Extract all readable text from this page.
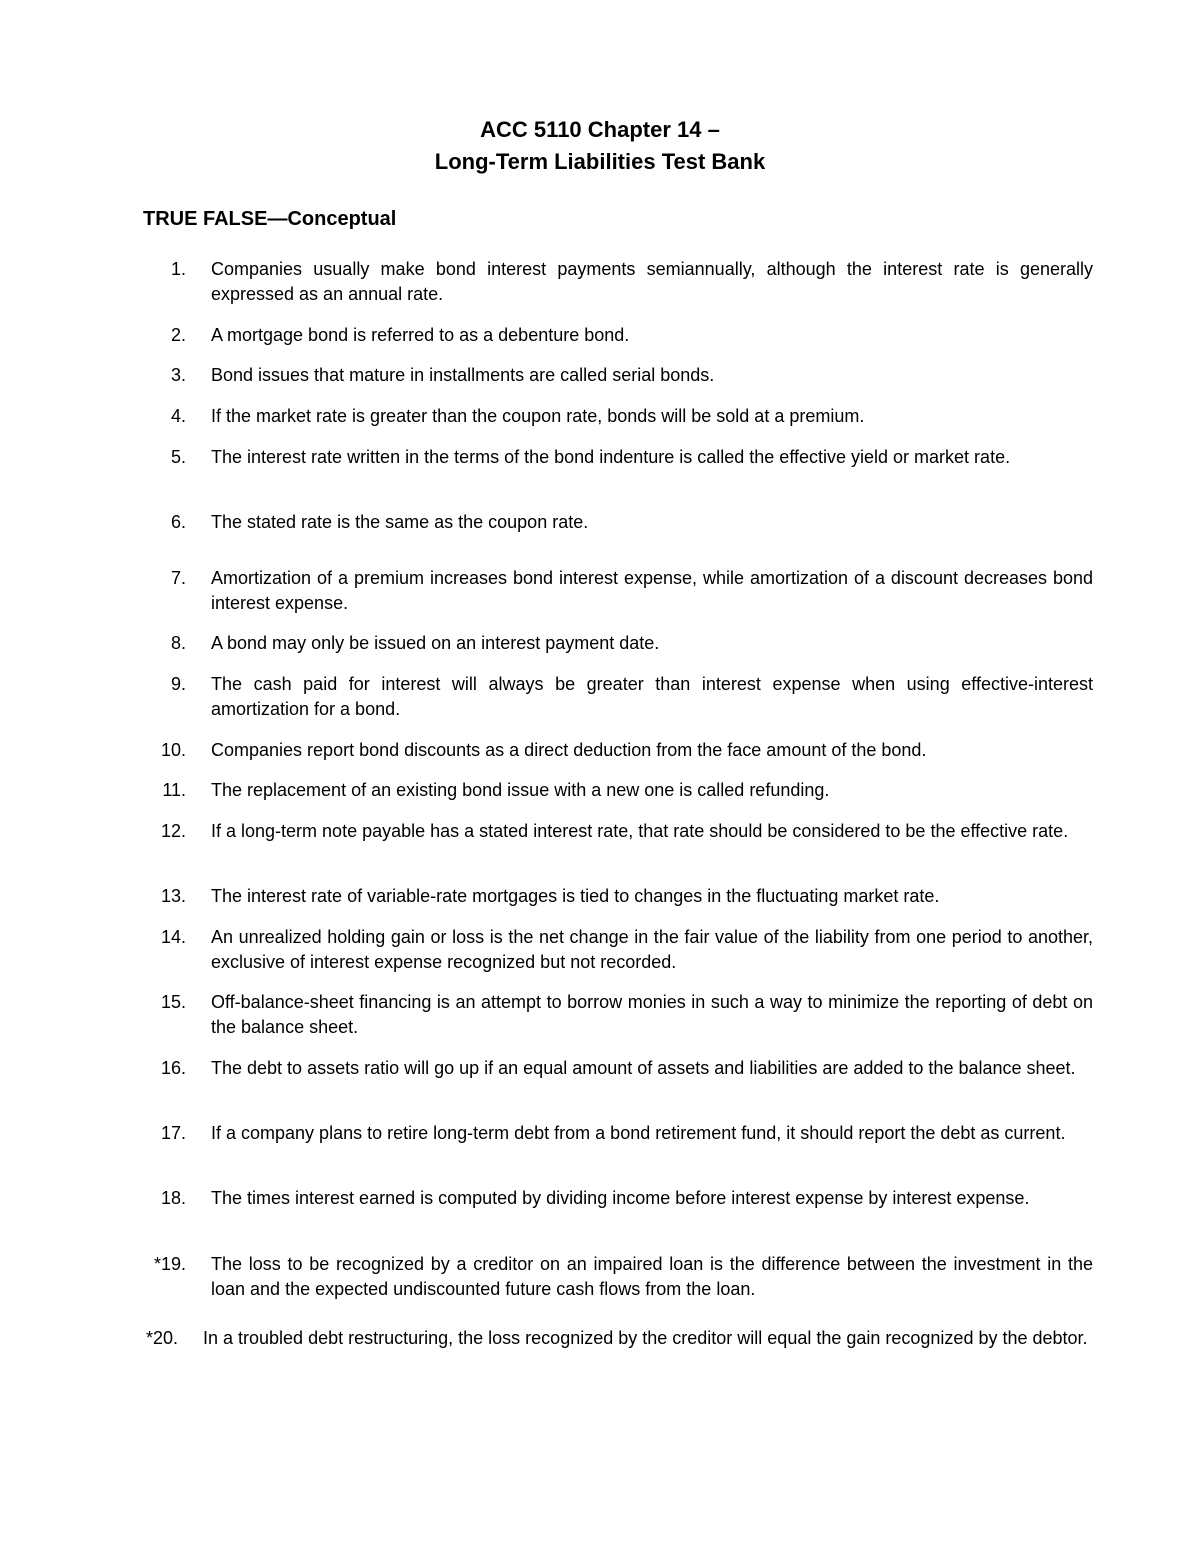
ACC 5110 Chapter 14 –
Long-Term Liabilities Test Bank
TRUE FALSE—Conceptual
1. Companies usually make bond interest payments semiannually, although the interest rate is generally expressed as an annual rate.
2. A mortgage bond is referred to as a debenture bond.
3. Bond issues that mature in installments are called serial bonds.
4. If the market rate is greater than the coupon rate, bonds will be sold at a premium.
5. The interest rate written in the terms of the bond indenture is called the effective yield or market rate.
6. The stated rate is the same as the coupon rate.
7. Amortization of a premium increases bond interest expense, while amortization of a discount decreases bond interest expense.
8. A bond may only be issued on an interest payment date.
9. The cash paid for interest will always be greater than interest expense when using effective-interest amortization for a bond.
10. Companies report bond discounts as a direct deduction from the face amount of the bond.
11. The replacement of an existing bond issue with a new one is called refunding.
12. If a long-term note payable has a stated interest rate, that rate should be considered to be the effective rate.
13. The interest rate of variable-rate mortgages is tied to changes in the fluctuating market rate.
14. An unrealized holding gain or loss is the net change in the fair value of the liability from one period to another, exclusive of interest expense recognized but not recorded.
15. Off-balance-sheet financing is an attempt to borrow monies in such a way to minimize the reporting of debt on the balance sheet.
16. The debt to assets ratio will go up if an equal amount of assets and liabilities are added to the balance sheet.
17. If a company plans to retire long-term debt from a bond retirement fund, it should report the debt as current.
18. The times interest earned is computed by dividing income before interest expense by interest expense.
*19. The loss to be recognized by a creditor on an impaired loan is the difference between the investment in the loan and the expected undiscounted future cash flows from the loan.
*20. In a troubled debt restructuring, the loss recognized by the creditor will equal the gain recognized by the debtor.
